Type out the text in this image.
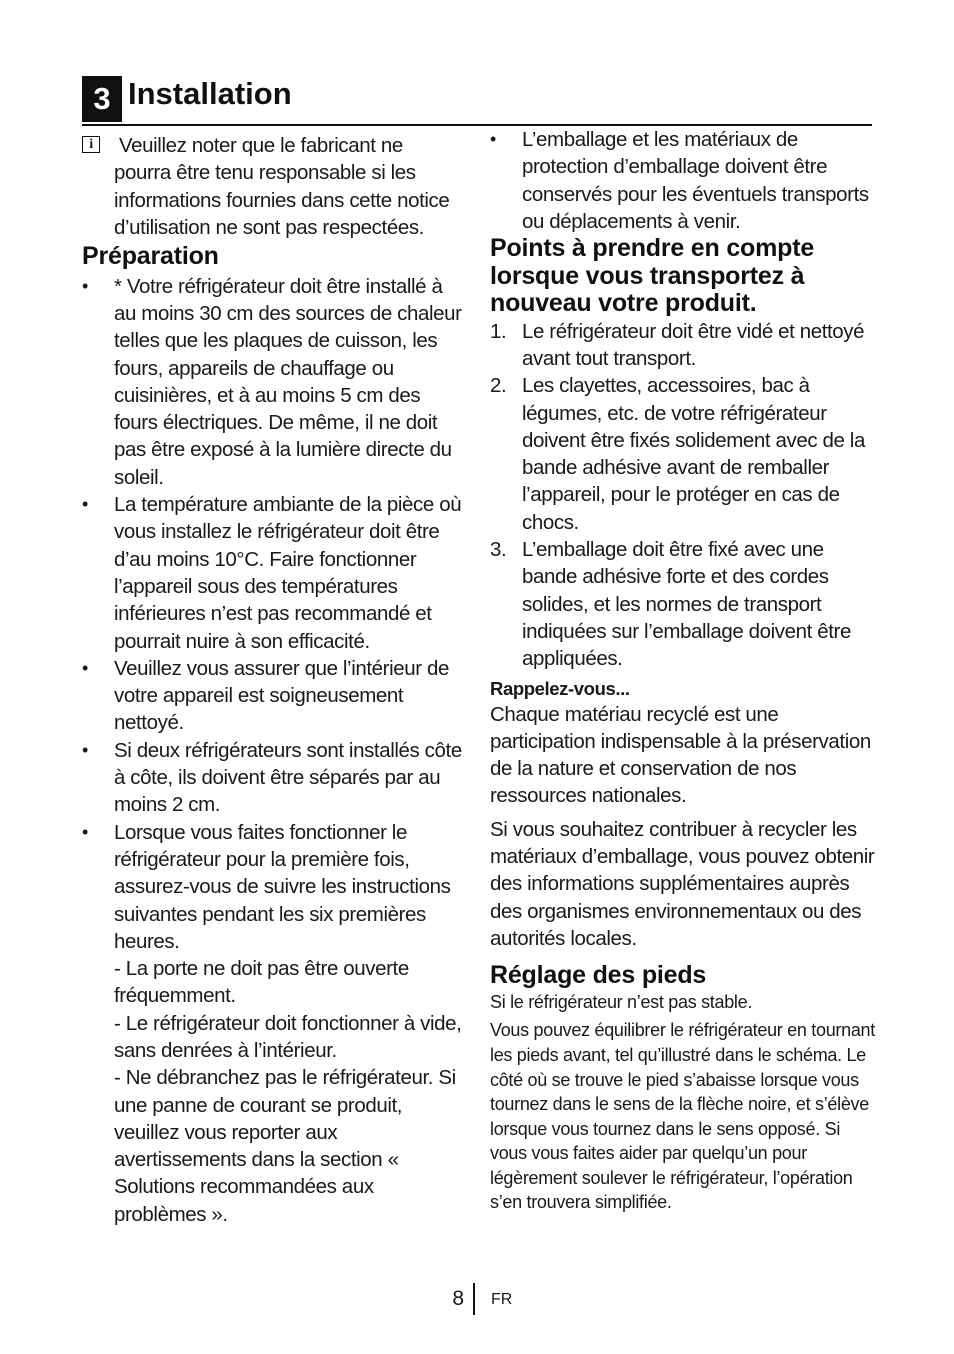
3 Installation
i	Veuillez noter que le fabricant ne pourra être tenu responsable si les informations fournies dans cette notice d’utilisation ne sont pas respectées.
Préparation
• * Votre réfrigérateur doit être installé à au moins 30 cm des sources de chaleur telles que les plaques de cuisson, les fours, appareils de chauffage ou cuisinières, et à au moins 5 cm des fours électriques. De même, il ne doit pas être exposé à la lumière directe du soleil.
• La température ambiante de la pièce où vous installez le réfrigérateur doit être d’au moins 10°C. Faire fonctionner l’appareil sous des températures inférieures n’est pas recommandé et pourrait nuire à son efficacité.
• Veuillez vous assurer que l’intérieur de votre appareil est soigneusement nettoyé.
• Si deux réfrigérateurs sont installés côte à côte, ils doivent être séparés par au moins 2 cm.
• Lorsque vous faites fonctionner le réfrigérateur pour la première fois, assurez-vous de suivre les instructions suivantes pendant les six premières heures.
- La porte ne doit pas être ouverte fréquemment.
- Le réfrigérateur doit fonctionner à vide, sans denrées à l’intérieur.
- Ne débranchez pas le réfrigérateur. Si une panne de courant se produit, veuillez vous reporter aux avertissements dans la section « Solutions recommandées aux problèmes ».
• L’emballage et les matériaux de protection d’emballage doivent être conservés pour les éventuels transports ou déplacements à venir.
Points à prendre en compte lorsque vous transportez à nouveau votre produit.
1. Le réfrigérateur doit être vidé et nettoyé avant tout transport.
2. Les clayettes, accessoires, bac à légumes, etc. de votre réfrigérateur doivent être fixés solidement avec de la bande adhésive avant de remballer l’appareil, pour le protéger en cas de chocs.
3. L’emballage doit être fixé avec une bande adhésive forte et des cordes solides, et les normes de transport indiquées sur l’emballage doivent être appliquées.
Rappelez-vous...
Chaque matériau recyclé est une participation indispensable à la préservation de la nature et conservation de nos ressources nationales.
Si vous souhaitez contribuer à recycler les matériaux d’emballage, vous pouvez obtenir des informations supplémentaires auprès des organismes environnementaux ou des autorités locales.
Réglage des pieds
Si le réfrigérateur n’est pas stable.
Vous pouvez équilibrer le réfrigérateur en tournant les pieds avant, tel qu’illustré dans le schéma. Le côté où se trouve le pied s’abaisse lorsque vous tournez dans le sens de la flèche noire, et s’élève lorsque vous tournez dans le sens opposé. Si vous vous faites aider par quelqu’un pour légèrement soulever le réfrigérateur, l’opération s’en trouvera simplifiée.
8 FR
